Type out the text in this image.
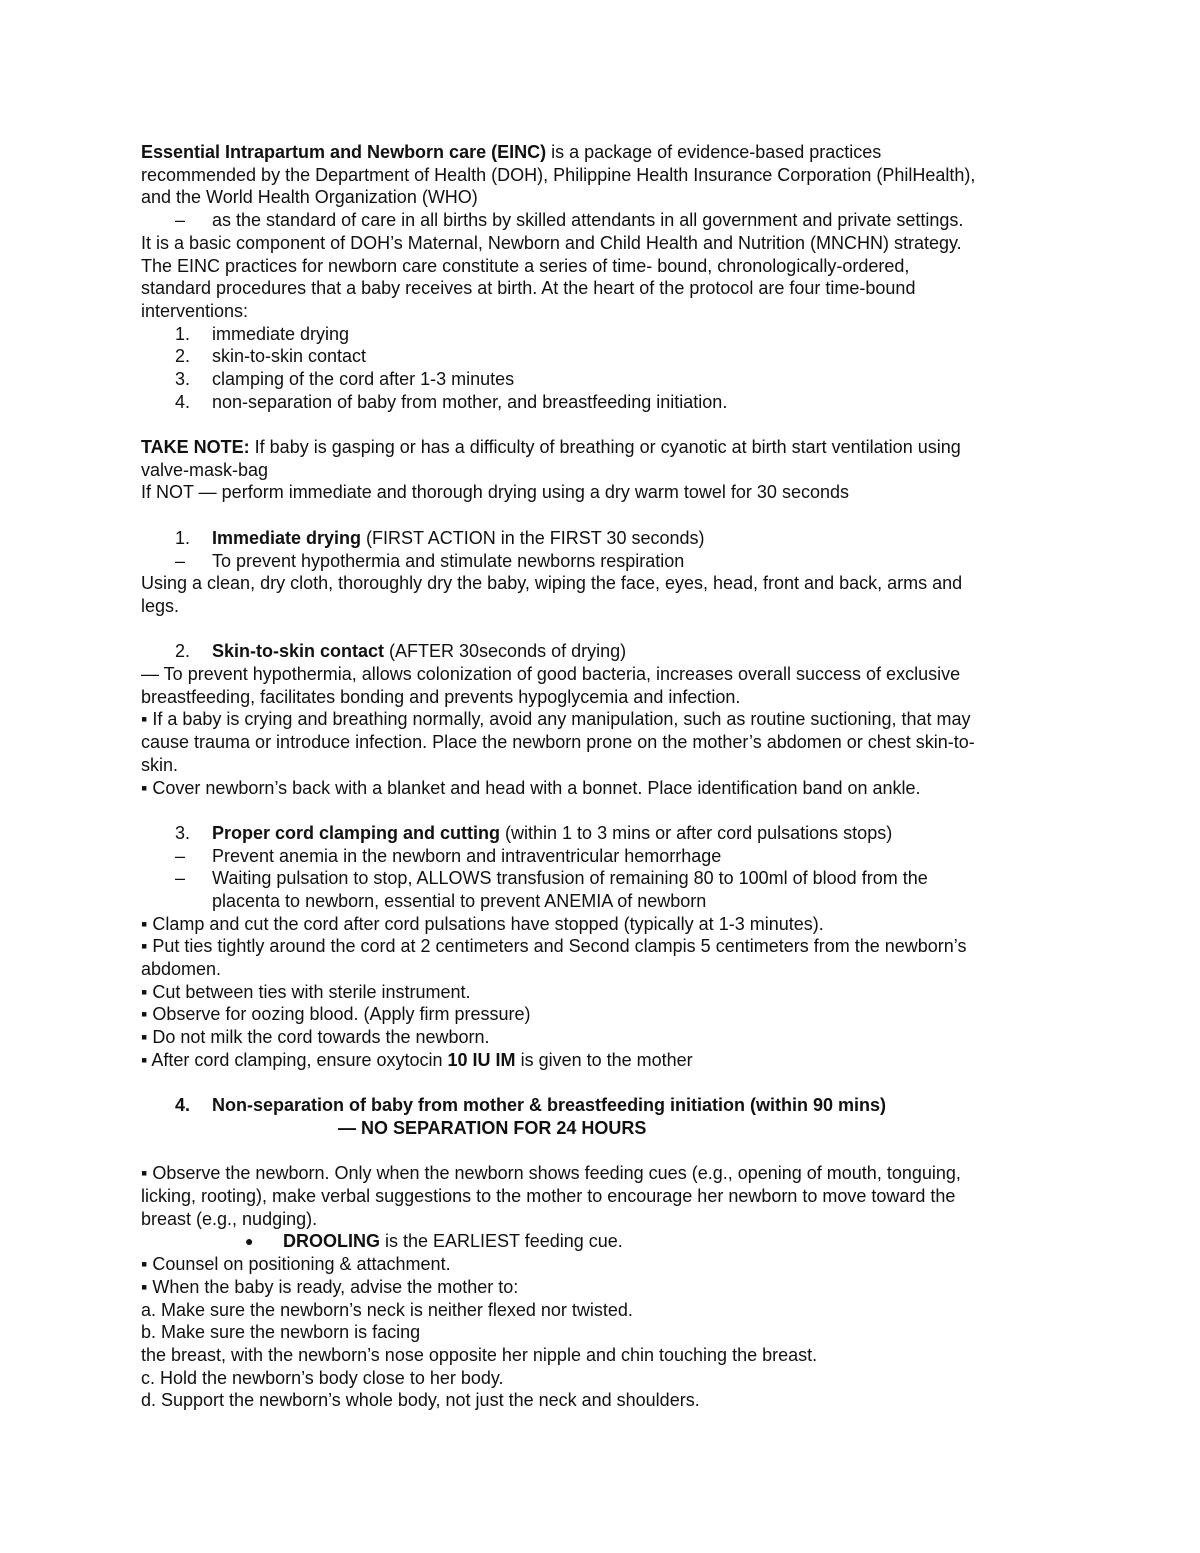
Essential Intrapartum and Newborn care (EINC) is a package of evidence-based practices
recommended by the Department of Health (DOH), Philippine Health Insurance Corporation (PhilHealth),
and the World Health Organization (WHO)
– as the standard of care in all births by skilled attendants in all government and private settings.
It is a basic component of DOH’s Maternal, Newborn and Child Health and Nutrition (MNCHN) strategy.
The EINC practices for newborn care constitute a series of time- bound, chronologically-ordered,
standard procedures that a baby receives at birth. At the heart of the protocol are four time-bound
interventions:
1. immediate drying
2. skin-to-skin contact
3. clamping of the cord after 1-3 minutes
4. non-separation of baby from mother, and breastfeeding initiation.
TAKE NOTE: If baby is gasping or has a difficulty of breathing or cyanotic at birth start ventilation using
valve-mask-bag
If NOT — perform immediate and thorough drying using a dry warm towel for 30 seconds
1. Immediate drying (FIRST ACTION in the FIRST 30 seconds)
– To prevent hypothermia and stimulate newborns respiration
Using a clean, dry cloth, thoroughly dry the baby, wiping the face, eyes, head, front and back, arms and
legs.
2. Skin-to-skin contact (AFTER 30seconds of drying)
— To prevent hypothermia, allows colonization of good bacteria, increases overall success of exclusive
breastfeeding, facilitates bonding and prevents hypoglycemia and infection.
▪ If a baby is crying and breathing normally, avoid any manipulation, such as routine suctioning, that may
cause trauma or introduce infection. Place the newborn prone on the mother’s abdomen or chest skin-to-
skin.
▪ Cover newborn’s back with a blanket and head with a bonnet. Place identification band on ankle.
3. Proper cord clamping and cutting (within 1 to 3 mins or after cord pulsations stops)
– Prevent anemia in the newborn and intraventricular hemorrhage
– Waiting pulsation to stop, ALLOWS transfusion of remaining 80 to 100ml of blood from the
placenta to newborn, essential to prevent ANEMIA of newborn
▪ Clamp and cut the cord after cord pulsations have stopped (typically at 1-3 minutes).
▪ Put ties tightly around the cord at 2 centimeters and Second clampis 5 centimeters from the newborn’s
abdomen.
▪ Cut between ties with sterile instrument.
▪ Observe for oozing blood. (Apply firm pressure)
▪ Do not milk the cord towards the newborn.
▪ After cord clamping, ensure oxytocin 10 IU IM is given to the mother
4. Non-separation of baby from mother & breastfeeding initiation (within 90 mins)
— NO SEPARATION FOR 24 HOURS
▪ Observe the newborn. Only when the newborn shows feeding cues (e.g., opening of mouth, tonguing,
licking, rooting), make verbal suggestions to the mother to encourage her newborn to move toward the
breast (e.g., nudging).
● DROOLING is the EARLIEST feeding cue.
▪ Counsel on positioning & attachment.
▪ When the baby is ready, advise the mother to:
a. Make sure the newborn’s neck is neither flexed nor twisted.
b. Make sure the newborn is facing
the breast, with the newborn’s nose opposite her nipple and chin touching the breast.
c. Hold the newborn’s body close to her body.
d. Support the newborn’s whole body, not just the neck and shoulders.
